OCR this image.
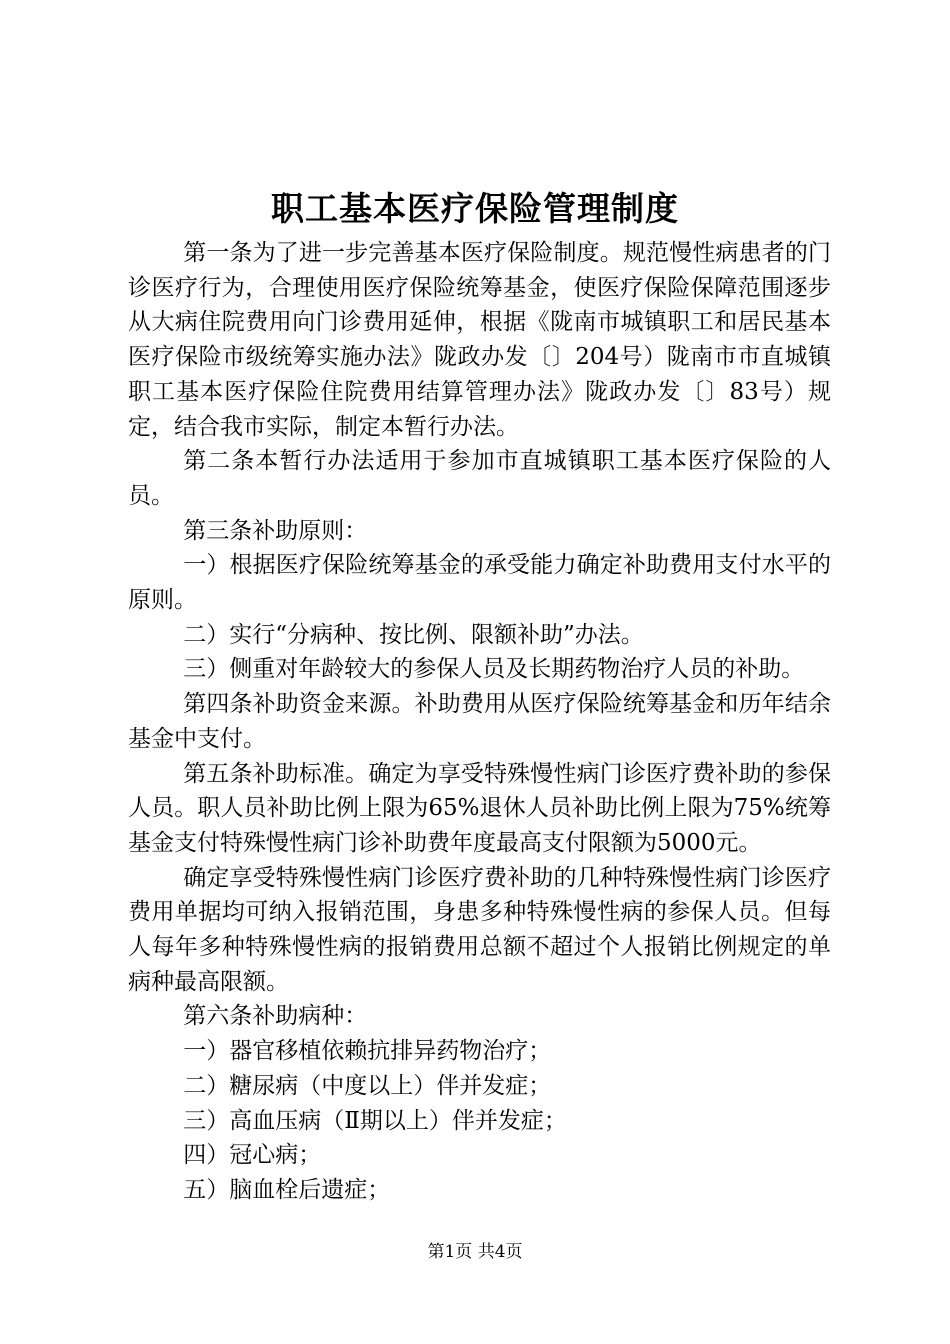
职工基本医疗保险管理制度

第一条为了进一步完善基本医疗保险制度。规范慢性病患者的门诊医疗行为，合理使用医疗保险统筹基金，使医疗保险保障范围逐步从大病住院费用向门诊费用延伸，根据《陇南市城镇职工和居民基本医疗保险市级统筹实施办法》陇政办发〔〕204号）陇南市市直城镇职工基本医疗保险住院费用结算管理办法》陇政办发〔〕83号）规定，结合我市实际，制定本暂行办法。

第二条本暂行办法适用于参加市直城镇职工基本医疗保险的人员。

第三条补助原则：

一）根据医疗保险统筹基金的承受能力确定补助费用支付水平的原则。

二）实行“分病种、按比例、限额补助”办法。

三）侧重对年龄较大的参保人员及长期药物治疗人员的补助。

第四条补助资金来源。补助费用从医疗保险统筹基金和历年结余基金中支付。

第五条补助标准。确定为享受特殊慢性病门诊医疗费补助的参保人员。职人员补助比例上限为65%退休人员补助比例上限为75%统筹基金支付特殊慢性病门诊补助费年度最高支付限额为5000元。

确定享受特殊慢性病门诊医疗费补助的几种特殊慢性病门诊医疗费用单据均可纳入报销范围，身患多种特殊慢性病的参保人员。但每人每年多种特殊慢性病的报销费用总额不超过个人报销比例规定的单病种最高限额。

第六条补助病种：

一）器官移植依赖抗排异药物治疗；

二）糖尿病（中度以上）伴并发症；

三）高血压病（Ⅱ期以上）伴并发症；

四）冠心病；

五）脑血栓后遗症；

第1页 共4页
